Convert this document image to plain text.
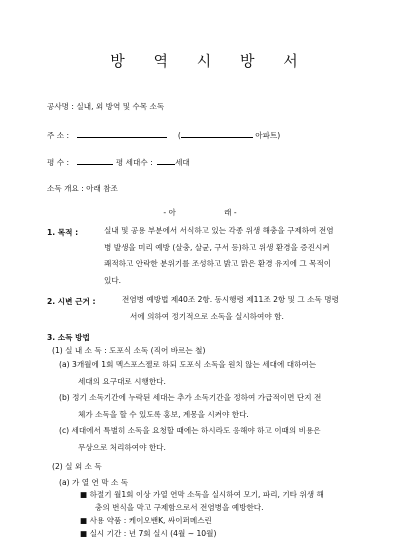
방 역 시 방 서
공사명 : 실내, 외 방역 및 수목 소독
주 소 :	(	아파트)
평 수 :	평 세대수 :	세대
소독 개요 : 아래 참조
- 아                    래 -
1. 목적 :	실내 및 공용 부분에서 서식하고 있는 각종 위생 해충을 구제하여 전염
병 발생을 미리 예방 (살충, 살균, 구서 등)하고 위생 환경을 증진시켜
쾌적하고 안락한 분위기를 조성하고 밝고 맑은 환경 유지에 그 목적이
있다.
2. 시변 근거 :	전염병 예방법 제40조 2항. 동시행령 제11조 2항 및 그 소독 명령
서에 의하여 정기적으로 소독을 실시하여야 함.
3. 소독 방법
(1) 실 내 소 독 : 도포식 소독 (직어 바르는 철)
(a) 3개월에 1회 멕스포스젤로 하되 도포식 소독을 원치 않는 세대에 대하여는
세대의 요구대로 시행한다.
(b) 정기 소독기간에 누락된 세대는 추가 소독기간을 정하여 가급적이면 단지 전
체가 소독을 할 수 있도록 홍보, 계몽을 시켜야 한다.
(c) 세대에서 특별히 소독을 요청할 때에는 하시라도 응해야 하고 이때의 비용은
무상으로 처리하여야 한다.
(2) 실 외 소 독
(a) 가 열 연 막 소 독
■ 하절기 월1회 이상 가열 연막 소독을 실시하여 모기, 파리, 기타 위생 해
충의 번식을 막고 구제함으로서 전염병을 예방한다.
■ 사용 약품 : 케이오밴K, 싸이퍼메스린
■ 실시 기간 : 년 7회 실시 (4월 ~ 10월)
